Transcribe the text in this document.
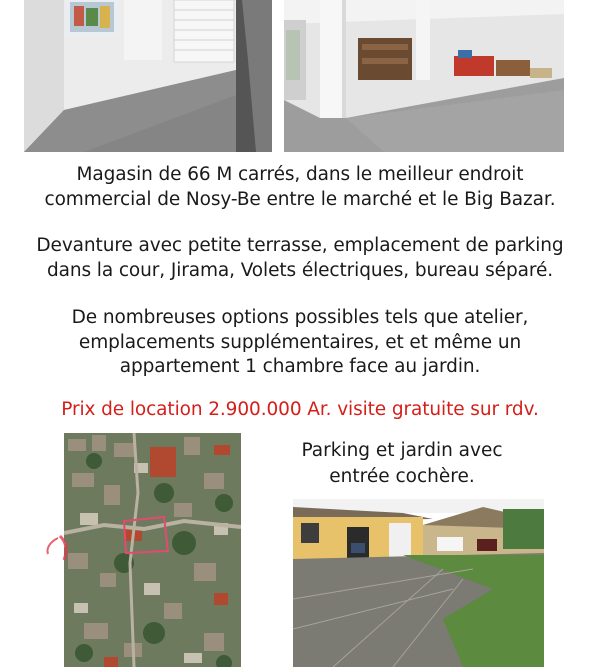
Magasin de 66 M carrés, dans le meilleur endroit
commercial de Nosy-Be entre le marché et le Big Bazar.
Devanture avec petite terrasse, emplacement de parking
dans la cour, Jirama, Volets électriques, bureau séparé.
De nombreuses options possibles tels que atelier,
emplacements supplémentaires, et et même un
appartement 1 chambre face au jardin.
Prix de location 2.900.000 Ar. visite gratuite sur rdv.
TS
Tom
Parking et jardin avec
entrée cochère.
